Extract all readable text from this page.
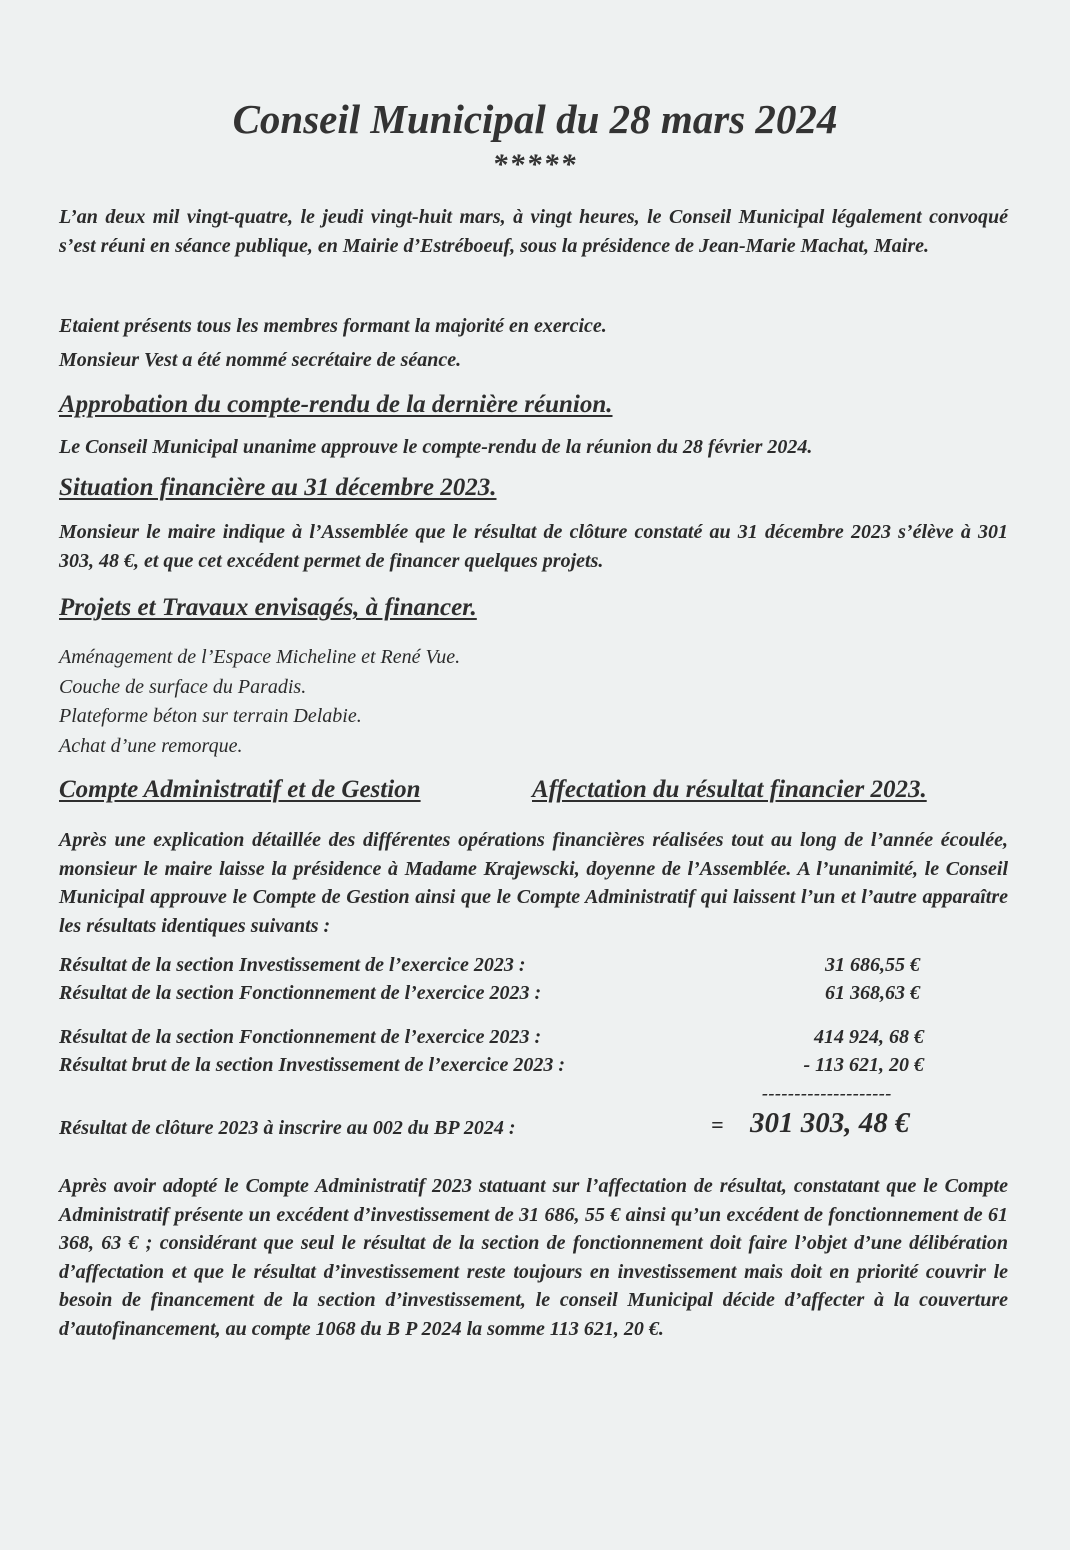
Conseil Municipal du 28 mars 2024
*****
L’an deux mil vingt-quatre, le jeudi vingt-huit mars, à vingt heures, le Conseil Municipal légalement convoqué s’est réuni en séance publique, en Mairie d’Estréboeuf, sous la présidence de Jean-Marie Machat, Maire.
Etaient présents tous les membres formant la majorité en exercice.
Monsieur Vest a été nommé secrétaire de séance.
Approbation du compte-rendu de la dernière réunion.
Le Conseil Municipal unanime approuve le compte-rendu de la réunion du 28 février 2024.
Situation financière au 31 décembre 2023.
Monsieur le maire indique à l’Assemblée que le résultat de clôture constaté au 31 décembre 2023 s’élève à 301 303, 48 €, et que cet excédent permet de financer quelques projets.
Projets et Travaux envisagés, à financer.
Aménagement de l’Espace Micheline et René Vue.
Couche de surface du Paradis.
Plateforme béton sur terrain Delabie.
Achat d’une remorque.
Compte Administratif et de Gestion	Affectation du résultat financier 2023.
Après une explication détaillée des différentes opérations financières réalisées tout au long de l’année écoulée, monsieur le maire laisse la présidence à Madame Krajewscki, doyenne de l’Assemblée. A l’unanimité, le Conseil Municipal approuve le Compte de Gestion ainsi que le Compte Administratif qui laissent l’un et l’autre apparaître les résultats identiques suivants :
Résultat de la section Investissement de l’exercice 2023 :	31 686,55 €
Résultat de la section Fonctionnement de l’exercice 2023 :	61 368,63 €
Résultat de la section Fonctionnement de l’exercice 2023 :	414 924, 68 €
Résultat brut de la section Investissement de l’exercice 2023 :	- 113 621, 20 €
--------------------
Résultat de clôture 2023 à inscrire au 002 du BP 2024 :	= 301 303, 48 €
Après avoir adopté le Compte Administratif 2023 statuant sur l’affectation de résultat, constatant que le Compte Administratif présente un excédent d’investissement de 31 686, 55 € ainsi qu’un excédent de fonctionnement de 61 368, 63 € ; considérant que seul le résultat de la section de fonctionnement doit faire l’objet d’une délibération d’affectation et que le résultat d’investissement reste toujours en investissement mais doit en priorité couvrir le besoin de financement de la section d’investissement, le conseil Municipal décide d’affecter à la couverture d’autofinancement, au compte 1068 du B P 2024 la somme 113 621, 20 €.
